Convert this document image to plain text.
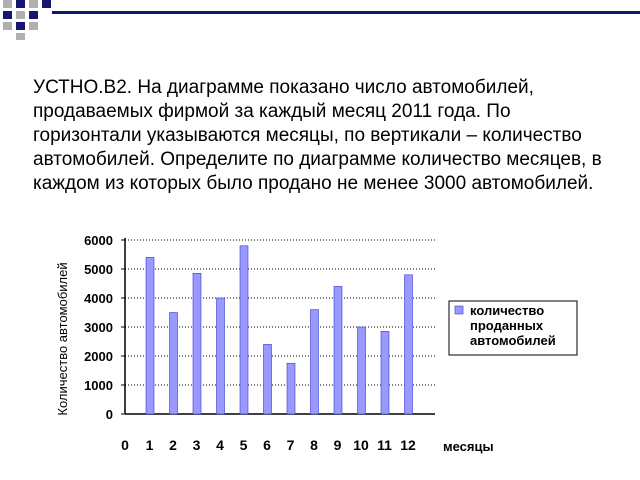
УСТНО.В2. На диаграмме показано число автомобилей, продаваемых фирмой за каждый месяц 2011 года. По горизонтали указываются месяцы, по вертикали – количество автомобилей. Определите по диаграмме количество месяцев, в каждом из которых было продано не менее 3000 автомобилей.

0
1000
2000
3000
4000
5000
6000
0 1 2 3 4 5 6 7 8 9 10 11 12 месяцы
Количество автомобилей	количество
проданных
автомобилей
